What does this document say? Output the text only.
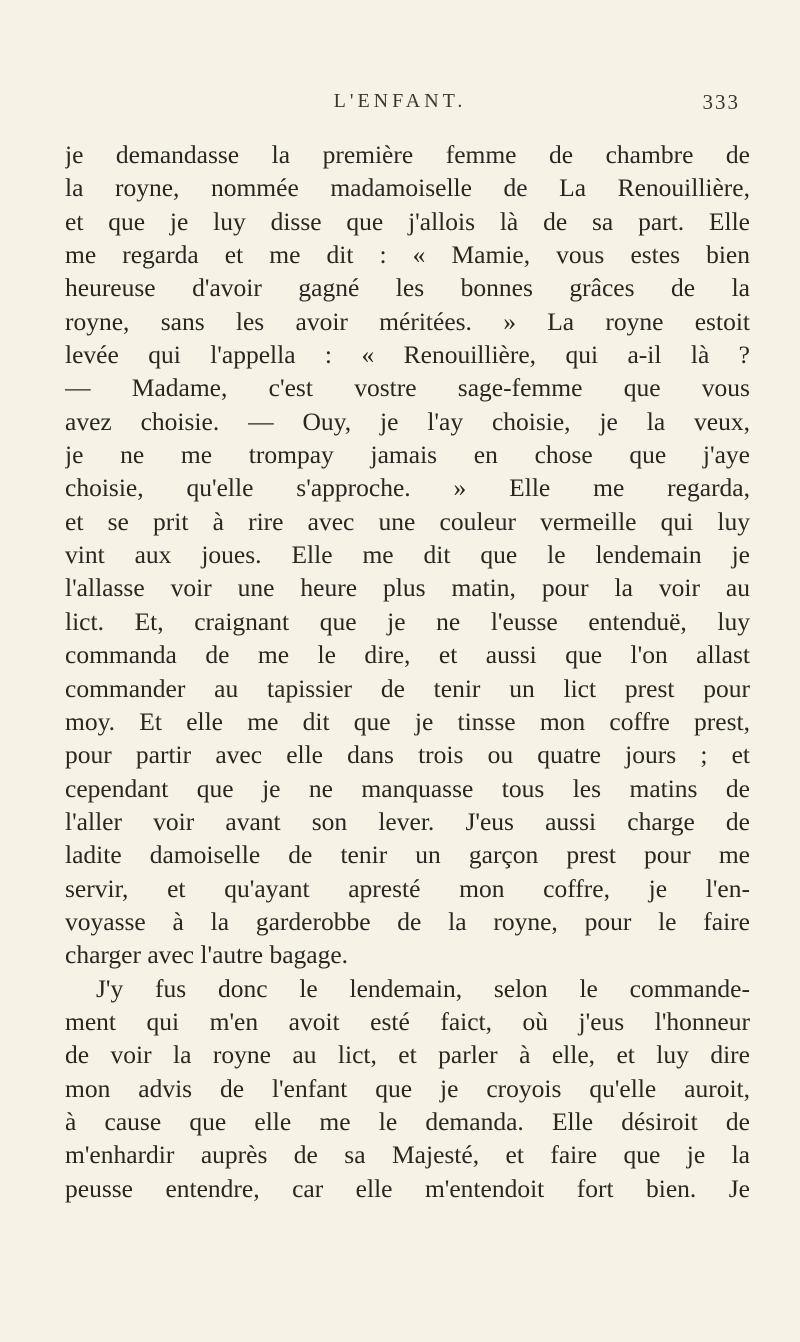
L'ENFANT.	333
je demandasse la première femme de chambre de
la royne, nommée madamoiselle de La Renouillière,
et que je luy disse que j'allois là de sa part. Elle
me regarda et me dit : « Mamie, vous estes bien
heureuse d'avoir gagné les bonnes grâces de la
royne, sans les avoir méritées. » La royne estoit
levée qui l'appella : « Renouillière, qui a-il là ?
— Madame, c'est vostre sage-femme que vous
avez choisie. — Ouy, je l'ay choisie, je la veux,
je ne me trompay jamais en chose que j'aye
choisie, qu'elle s'approche. » Elle me regarda,
et se prit à rire avec une couleur vermeille qui luy
vint aux joues. Elle me dit que le lendemain je
l'allasse voir une heure plus matin, pour la voir au
lict. Et, craignant que je ne l'eusse entenduë, luy
commanda de me le dire, et aussi que l'on allast
commander au tapissier de tenir un lict prest pour
moy. Et elle me dit que je tinsse mon coffre prest,
pour partir avec elle dans trois ou quatre jours ; et
cependant que je ne manquasse tous les matins de
l'aller voir avant son lever. J'eus aussi charge de
ladite damoiselle de tenir un garçon prest pour me
servir, et qu'ayant apresté mon coffre, je l'en-
voyasse à la garderobbe de la royne, pour le faire
charger avec l'autre bagage.
J'y fus donc le lendemain, selon le commande-
ment qui m'en avoit esté faict, où j'eus l'honneur
de voir la royne au lict, et parler à elle, et luy dire
mon advis de l'enfant que je croyois qu'elle auroit,
à cause que elle me le demanda. Elle désiroit de
m'enhardir auprès de sa Majesté, et faire que je la
peusse entendre, car elle m'entendoit fort bien. Je
